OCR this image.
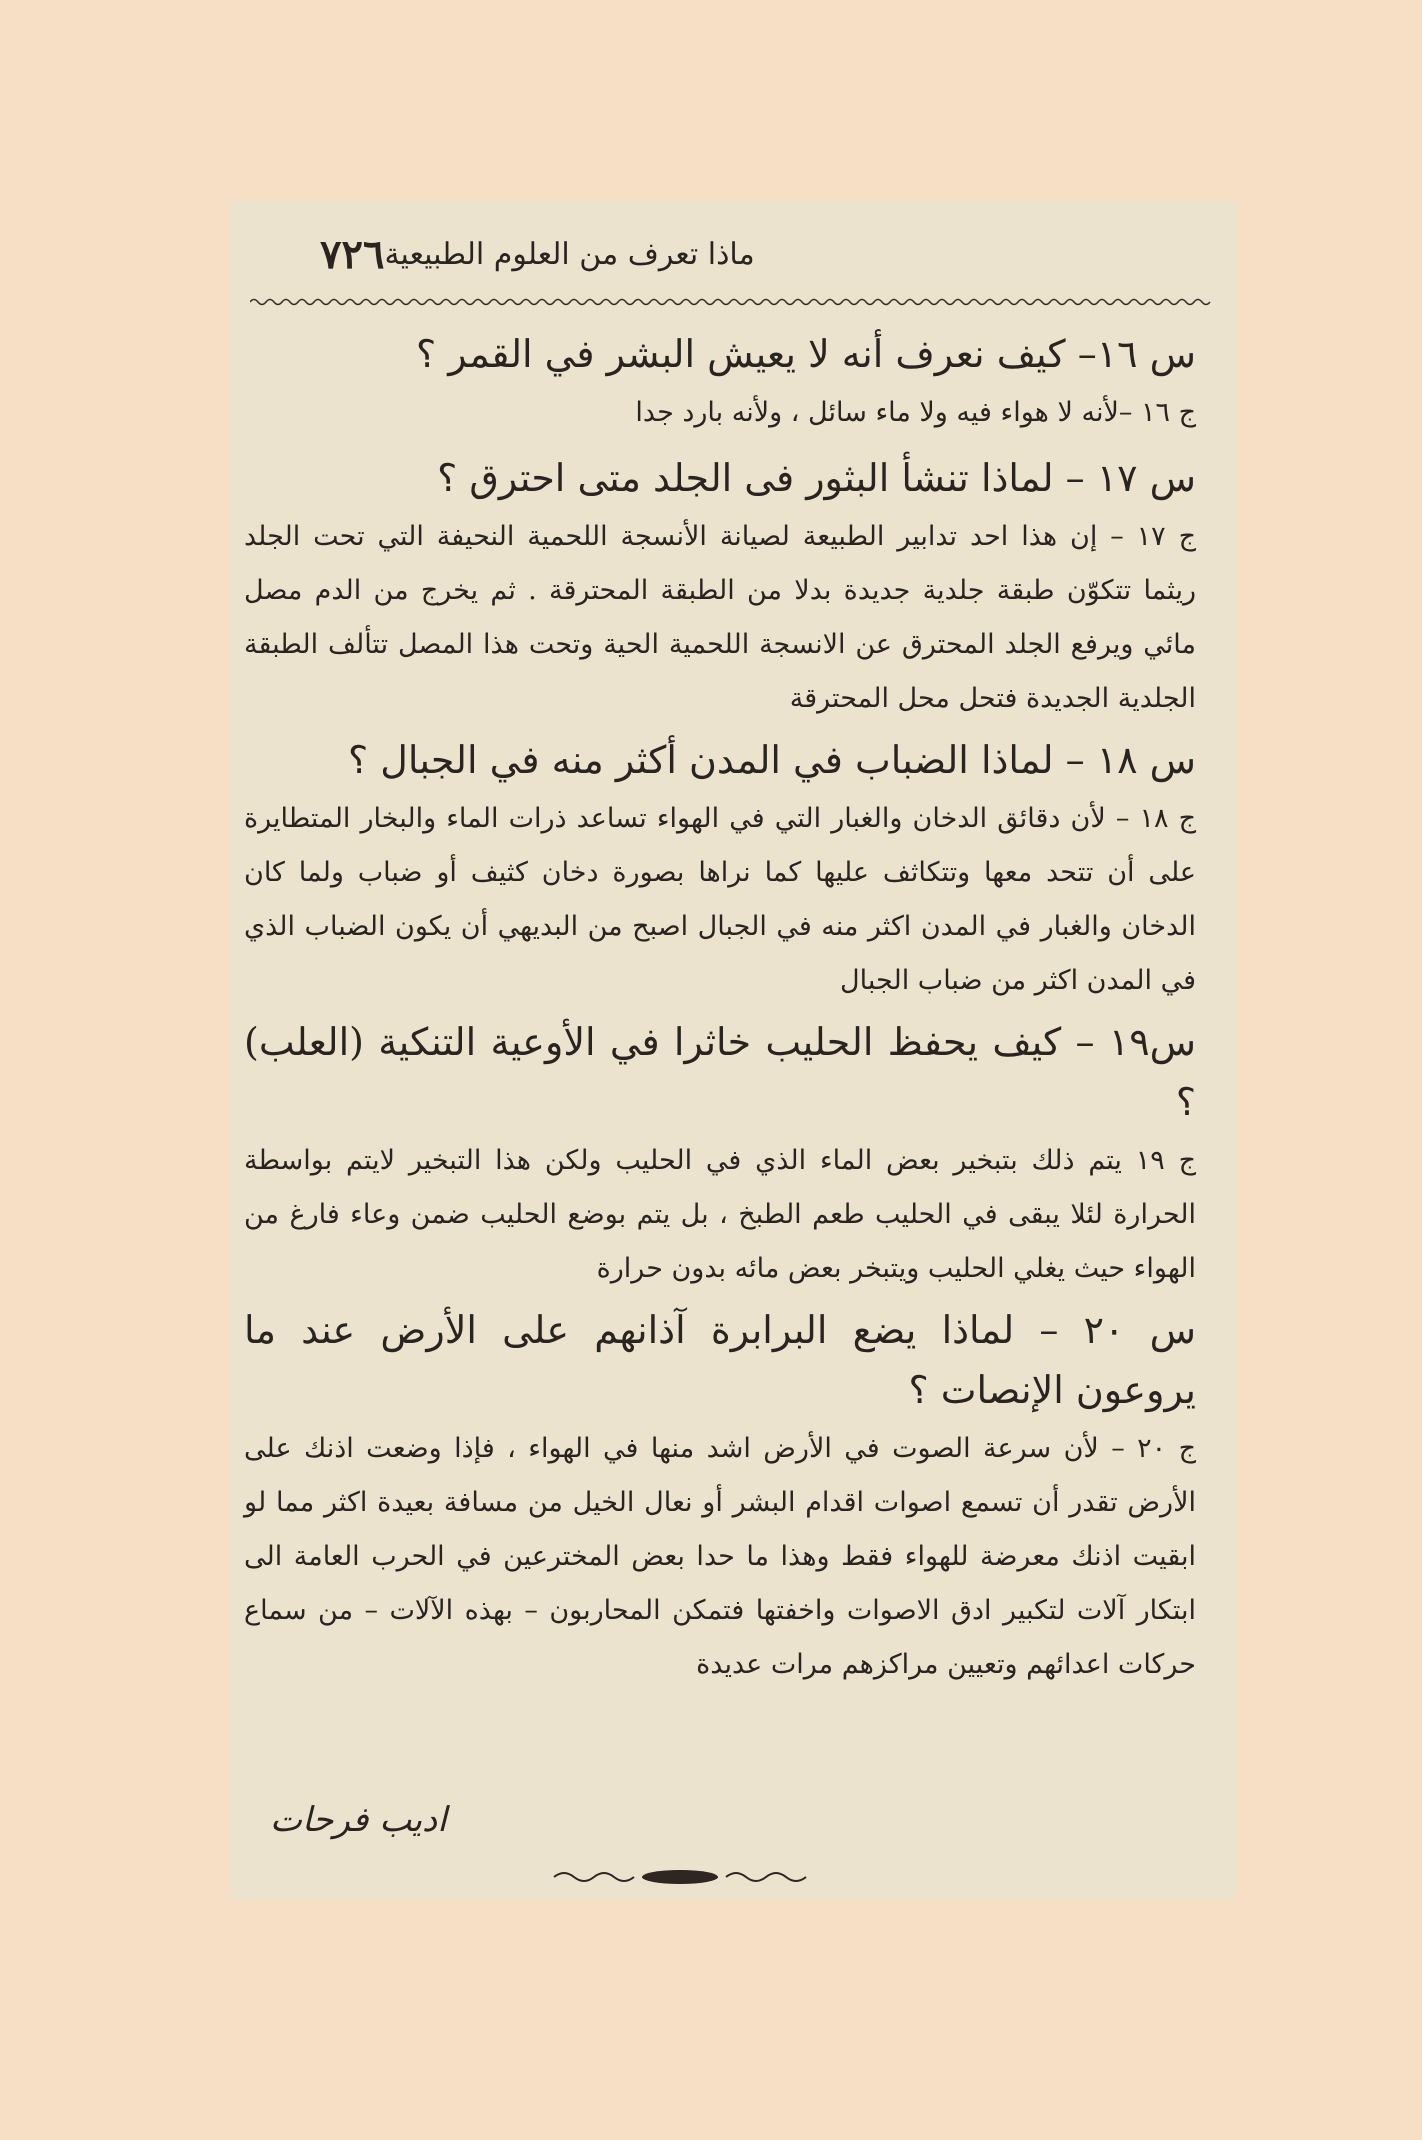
٧٢٦ ماذا تعرف من العلوم الطبيعية
س ١٦– كيف نعرف أنه لا يعيش البشر في القمر ؟
ج ١٦ –لأنه لا هواء فيه ولا ماء سائل ، ولأنه بارد جدا
س ١٧ – لماذا تنشأ البثور فى الجلد متى احترق ؟
ج ١٧ – إن هذا احد تدابير الطبيعة لصيانة الأنسجة اللحمية النحيفة التي تحت الجلد ريثما تتكوّن طبقة جلدية جديدة بدلا من الطبقة المحترقة . ثم يخرج من الدم مصل مائي ويرفع الجلد المحترق عن الانسجة اللحمية الحية وتحت هذا المصل تتألف الطبقة الجلدية الجديدة فتحل محل المحترقة
س ١٨ – لماذا الضباب في المدن أكثر منه في الجبال ؟
ج ١٨ – لأن دقائق الدخان والغبار التي في الهواء تساعد ذرات الماء والبخار المتطايرة على أن تتحد معها وتتكاثف عليها كما نراها بصورة دخان كثيف أو ضباب ولما كان الدخان والغبار في المدن اكثر منه في الجبال اصبح من البديهي أن يكون الضباب الذي في المدن اكثر من ضباب الجبال
س١٩ – كيف يحفظ الحليب خاثرا في الأوعية التنكية (العلب) ؟
ج ١٩ يتم ذلك بتبخير بعض الماء الذي في الحليب ولكن هذا التبخير لايتم بواسطة الحرارة لئلا يبقى في الحليب طعم الطبخ ، بل يتم بوضع الحليب ضمن وعاء فارغ من الهواء حيث يغلي الحليب ويتبخر بعض مائه بدون حرارة
س ٢٠ – لماذا يضع البرابرة آذانهم على الأرض عند ما يروعون الإنصات ؟
ج ٢٠ – لأن سرعة الصوت في الأرض اشد منها في الهواء ، فإذا وضعت اذنك على الأرض تقدر أن تسمع اصوات اقدام البشر أو نعال الخيل من مسافة بعيدة اكثر مما لو ابقيت اذنك معرضة للهواء فقط وهذا ما حدا بعض المخترعين في الحرب العامة الى ابتكار آلات لتكبير ادق الاصوات واخفتها فتمكن المحاربون – بهذه الآلات – من سماع حركات اعدائهم وتعيين مراكزهم مرات عديدة
اديب فرحات
